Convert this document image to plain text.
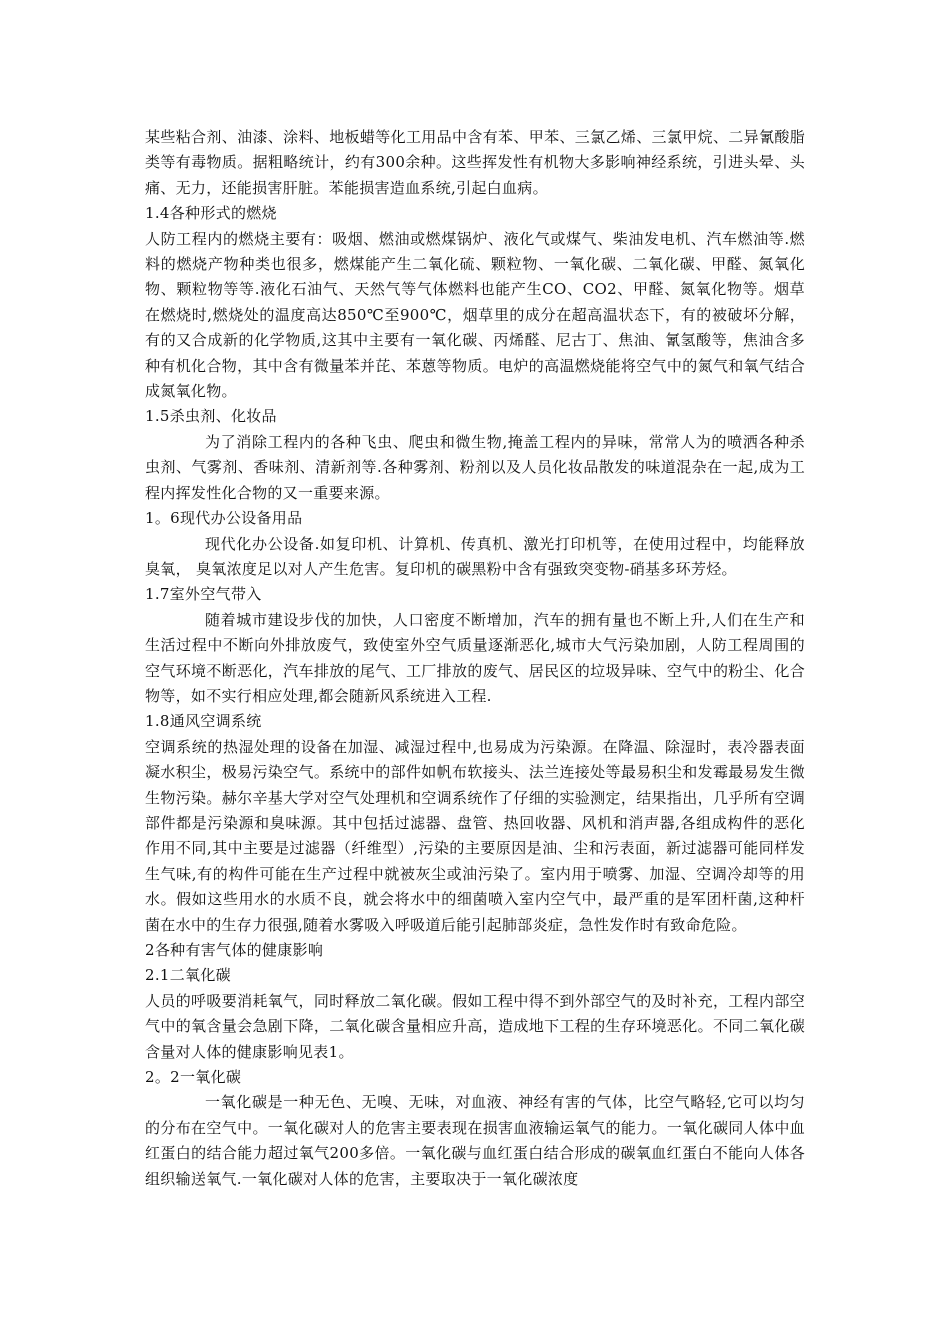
某些粘合剂、油漆、涂料、地板蜡等化工用品中含有苯、甲苯、三氯乙烯、三氯甲烷、二异氰酸脂类等有毒物质。据粗略统计，约有300余种。这些挥发性有机物大多影响神经系统，引进头晕、头痛、无力，还能损害肝脏。苯能损害造血系统,引起白血病。

1.4各种形式的燃烧

人防工程内的燃烧主要有：吸烟、燃油或燃煤锅炉、液化气或煤气、柴油发电机、汽车燃油等.燃料的燃烧产物种类也很多，燃煤能产生二氧化硫、颗粒物、一氧化碳、二氧化碳、甲醛、氮氧化物、颗粒物等等.液化石油气、天然气等气体燃料也能产生CO、CO2、甲醛、氮氧化物等。烟草在燃烧时,燃烧处的温度高达850℃至900℃，烟草里的成分在超高温状态下，有的被破坏分解，有的又合成新的化学物质,这其中主要有一氧化碳、丙烯醛、尼古丁、焦油、氰氢酸等，焦油含多种有机化合物，其中含有微量苯并芘、苯蒽等物质。电炉的高温燃烧能将空气中的氮气和氧气结合成氮氧化物。

1.5杀虫剂、化妆品

为了消除工程内的各种飞虫、爬虫和微生物,掩盖工程内的异味，常常人为的喷洒各种杀虫剂、气雾剂、香味剂、清新剂等.各种雾剂、粉剂以及人员化妆品散发的味道混杂在一起,成为工程内挥发性化合物的又一重要来源。

1。6现代办公设备用品

现代化办公设备.如复印机、计算机、传真机、激光打印机等，在使用过程中，均能释放臭氧， 臭氧浓度足以对人产生危害。复印机的碳黑粉中含有强致突变物-硝基多环芳烃。

1.7室外空气带入

随着城市建设步伐的加快，人口密度不断增加，汽车的拥有量也不断上升,人们在生产和生活过程中不断向外排放废气，致使室外空气质量逐渐恶化,城市大气污染加剧，人防工程周围的空气环境不断恶化，汽车排放的尾气、工厂排放的废气、居民区的垃圾异味、空气中的粉尘、化合物等，如不实行相应处理,都会随新风系统进入工程.

1.8通风空调系统

空调系统的热湿处理的设备在加湿、减湿过程中,也易成为污染源。在降温、除湿时，表冷器表面凝水积尘，极易污染空气。系统中的部件如帆布软接头、法兰连接处等最易积尘和发霉最易发生微生物污染。赫尔辛基大学对空气处理机和空调系统作了仔细的实验测定，结果指出，几乎所有空调部件都是污染源和臭味源。其中包括过滤器、盘管、热回收器、风机和消声器,各组成构件的恶化作用不同,其中主要是过滤器（纤维型）,污染的主要原因是油、尘和污表面，新过滤器可能同样发生气味,有的构件可能在生产过程中就被灰尘或油污染了。室内用于喷雾、加湿、空调冷却等的用水。假如这些用水的水质不良，就会将水中的细菌喷入室内空气中，最严重的是军团杆菌,这种杆菌在水中的生存力很强,随着水雾吸入呼吸道后能引起肺部炎症，急性发作时有致命危险。

2各种有害气体的健康影响

2.1二氧化碳

人员的呼吸要消耗氧气，同时释放二氧化碳。假如工程中得不到外部空气的及时补充，工程内部空气中的氧含量会急剧下降，二氧化碳含量相应升高，造成地下工程的生存环境恶化。不同二氧化碳含量对人体的健康影响见表1。

2。2一氧化碳

一氧化碳是一种无色、无嗅、无味，对血液、神经有害的气体，比空气略轻,它可以均匀的分布在空气中。一氧化碳对人的危害主要表现在损害血液输运氧气的能力。一氧化碳同人体中血红蛋白的结合能力超过氧气200多倍。一氧化碳与血红蛋白结合形成的碳氧血红蛋白不能向人体各组织输送氧气.一氧化碳对人体的危害，主要取决于一氧化碳浓度
